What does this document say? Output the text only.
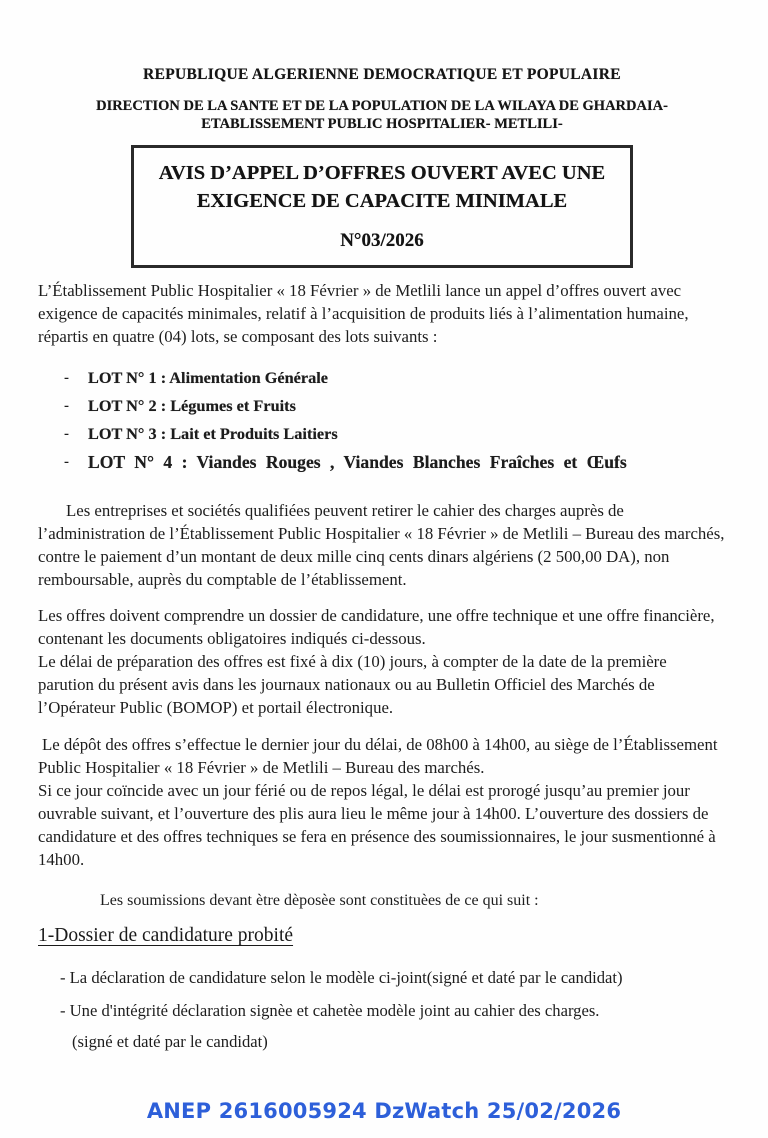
REPUBLIQUE ALGERIENNE DEMOCRATIQUE ET POPULAIRE
DIRECTION DE LA SANTE ET DE LA POPULATION DE LA WILAYA DE GHARDAIA-
ETABLISSEMENT PUBLIC HOSPITALIER- METLILI-
AVIS D’APPEL D’OFFRES OUVERT AVEC UNE
EXIGENCE DE CAPACITE MINIMALE
N°03/2026
L’Établissement Public Hospitalier « 18 Février » de Metlili lance un appel d’offres ouvert avec exigence de capacités minimales, relatif à l’acquisition de produits liés à l’alimentation humaine, répartis en quatre (04) lots, se composant des lots suivants :
-	LOT N° 1 : Alimentation Générale
-	LOT N° 2 : Légumes et Fruits
-	LOT N° 3 : Lait et Produits Laitiers
-	LOT N° 4 : Viandes Rouges , Viandes Blanches Fraîches et Œufs
Les entreprises et sociétés qualifiées peuvent retirer le cahier des charges auprès de l’administration de l’Établissement Public Hospitalier « 18 Février » de Metlili – Bureau des marchés, contre le paiement d’un montant de deux mille cinq cents dinars algériens (2 500,00 DA), non remboursable, auprès du comptable de l’établissement.
Les offres doivent comprendre un dossier de candidature, une offre technique et une offre financière, contenant les documents obligatoires indiqués ci-dessous.
Le délai de préparation des offres est fixé à dix (10) jours, à compter de la date de la première parution du présent avis dans les journaux nationaux ou au Bulletin Officiel des Marchés de l’Opérateur Public (BOMOP) et portail électronique.
Le dépôt des offres s’effectue le dernier jour du délai, de 08h00 à 14h00, au siège de l’Établissement Public Hospitalier « 18 Février » de Metlili – Bureau des marchés.
Si ce jour coïncide avec un jour férié ou de repos légal, le délai est prorogé jusqu’au premier jour ouvrable suivant, et l’ouverture des plis aura lieu le même jour à 14h00. L’ouverture des dossiers de candidature et des offres techniques se fera en présence des soumissionnaires, le jour susmentionné à 14h00.
Les soumissions devant ètre dèposèe sont constituèes de ce qui suit :
1-Dossier de candidature probité
- La déclaration de candidature selon le modèle ci-joint(signé et daté par le candidat)
- Une d'intégrité déclaration signèe et cahetèe modèle joint au cahier des charges.
(signé et daté par le candidat)
ANEP 2616005924 DzWatch 25/02/2026
